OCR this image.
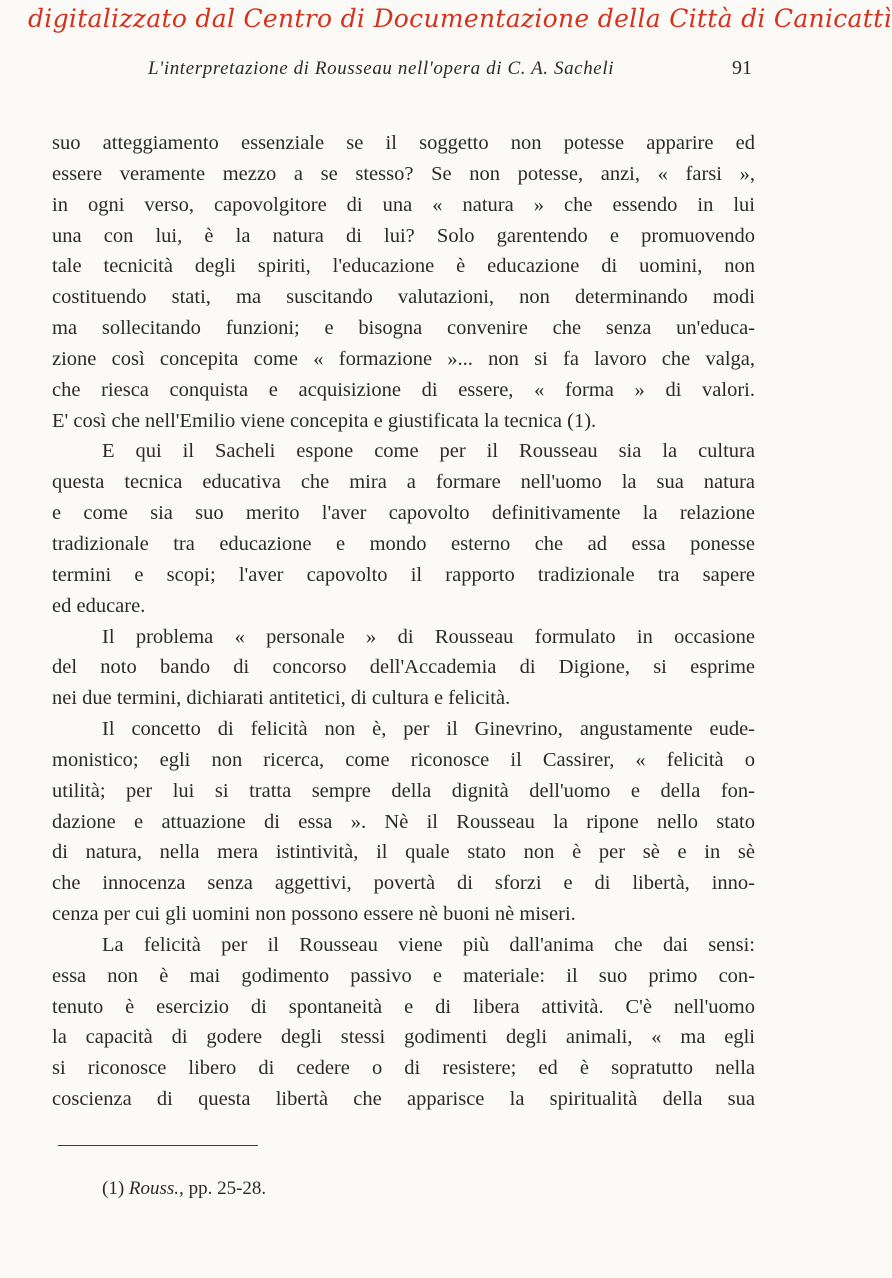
digitalizzato dal Centro di Documentazione della Città di Canicattì
L'interpretazione di Rousseau nell'opera di C. A. Sacheli	91
suo atteggiamento essenziale se il soggetto non potesse apparire ed
essere veramente mezzo a se stesso? Se non potesse, anzi, « farsi »,
in ogni verso, capovolgitore di una « natura » che essendo in lui
una con lui, è la natura di lui? Solo garentendo e promuovendo
tale tecnicità degli spiriti, l'educazione è educazione di uomini, non
costituendo stati, ma suscitando valutazioni, non determinando modi
ma sollecitando funzioni; e bisogna convenire che senza un'educa-
zione così concepita come « formazione »... non si fa lavoro che valga,
che riesca conquista e acquisizione di essere, « forma » di valori.
E' così che nell'Emilio viene concepita e giustificata la tecnica (1).
E qui il Sacheli espone come per il Rousseau sia la cultura
questa tecnica educativa che mira a formare nell'uomo la sua natura
e come sia suo merito l'aver capovolto definitivamente la relazione
tradizionale tra educazione e mondo esterno che ad essa ponesse
termini e scopi; l'aver capovolto il rapporto tradizionale tra sapere
ed educare.
Il problema « personale » di Rousseau formulato in occasione
del noto bando di concorso dell'Accademia di Digione, si esprime
nei due termini, dichiarati antitetici, di cultura e felicità.
Il concetto di felicità non è, per il Ginevrino, angustamente eude-
monistico; egli non ricerca, come riconosce il Cassirer, « felicità o
utilità; per lui si tratta sempre della dignità dell'uomo e della fon-
dazione e attuazione di essa ». Nè il Rousseau la ripone nello stato
di natura, nella mera istintività, il quale stato non è per sè e in sè
che innocenza senza aggettivi, povertà di sforzi e di libertà, inno-
cenza per cui gli uomini non possono essere nè buoni nè miseri.
La felicità per il Rousseau viene più dall'anima che dai sensi:
essa non è mai godimento passivo e materiale: il suo primo con-
tenuto è esercizio di spontaneità e di libera attività. C'è nell'uomo
la capacità di godere degli stessi godimenti degli animali, « ma egli
si riconosce libero di cedere o di resistere; ed è sopratutto nella
coscienza di questa libertà che apparisce la spiritualità della sua
(1) Rouss., pp. 25-28.
